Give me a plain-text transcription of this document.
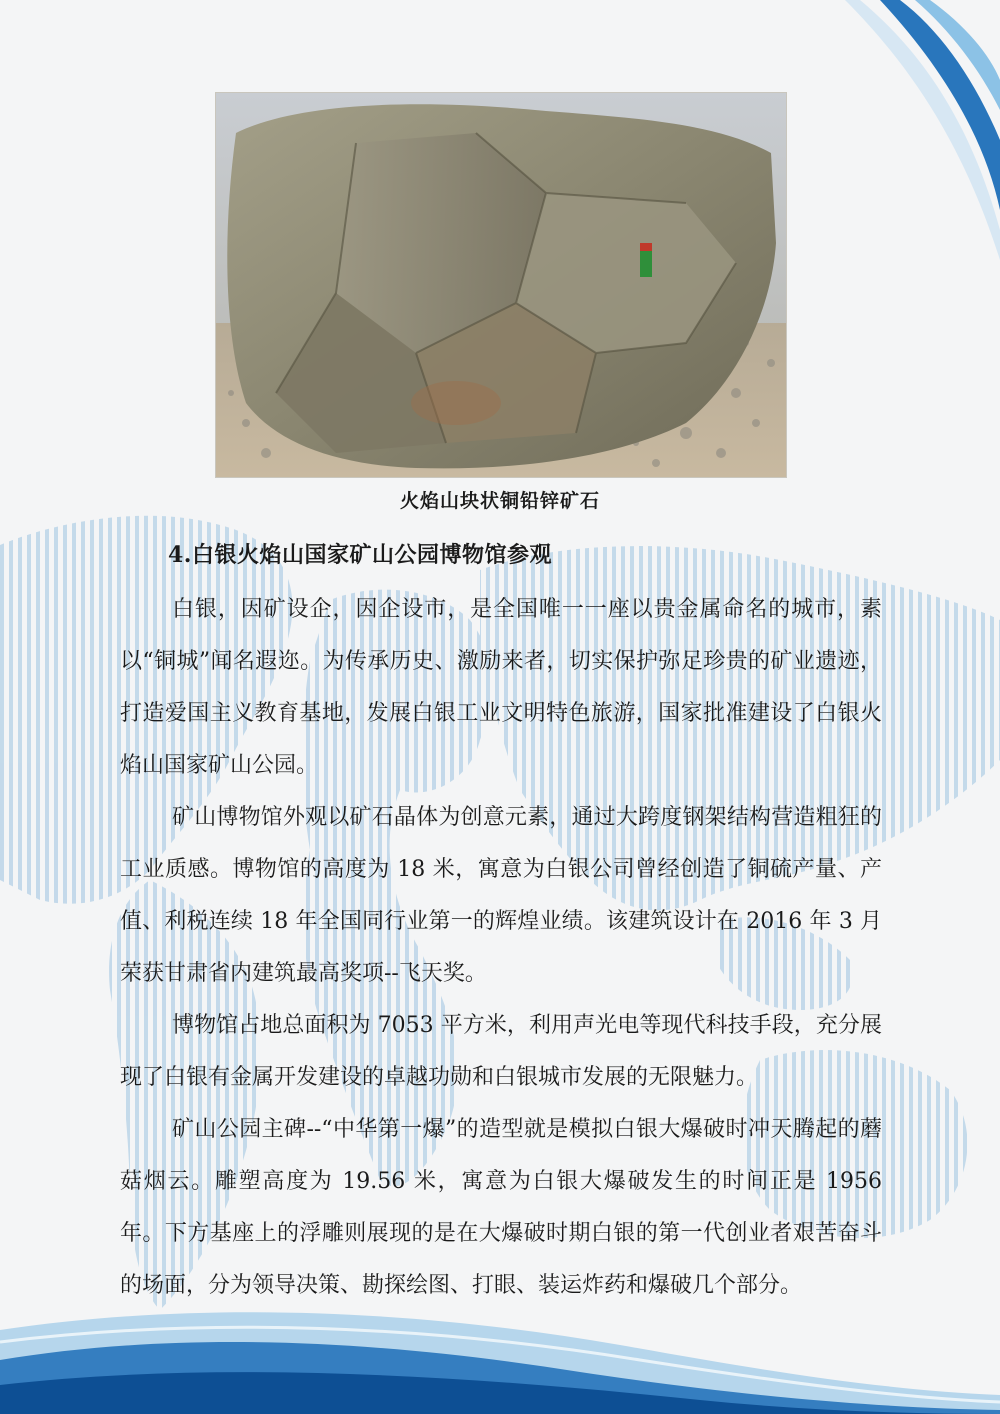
火焰山块状铜铅锌矿石
4.白银火焰山国家矿山公园博物馆参观

白银，因矿设企，因企设市，是全国唯一一座以贵金属命名的城市，素以“铜城”闻名遐迩。为传承历史、激励来者，切实保护弥足珍贵的矿业遗迹，打造爱国主义教育基地，发展白银工业文明特色旅游，国家批准建设了白银火焰山国家矿山公园。

矿山博物馆外观以矿石晶体为创意元素，通过大跨度钢架结构营造粗狂的工业质感。博物馆的高度为 18 米，寓意为白银公司曾经创造了铜硫产量、产值、利税连续 18 年全国同行业第一的辉煌业绩。该建筑设计在 2016 年 3 月荣获甘肃省内建筑最高奖项--飞天奖。

博物馆占地总面积为 7053 平方米，利用声光电等现代科技手段，充分展现了白银有金属开发建设的卓越功勋和白银城市发展的无限魅力。

矿山公园主碑--“中华第一爆”的造型就是模拟白银大爆破时冲天腾起的蘑菇烟云。雕塑高度为 19.56 米，寓意为白银大爆破发生的时间正是 1956 年。下方基座上的浮雕则展现的是在大爆破时期白银的第一代创业者艰苦奋斗的场面，分为领导决策、勘探绘图、打眼、装运炸药和爆破几个部分。
